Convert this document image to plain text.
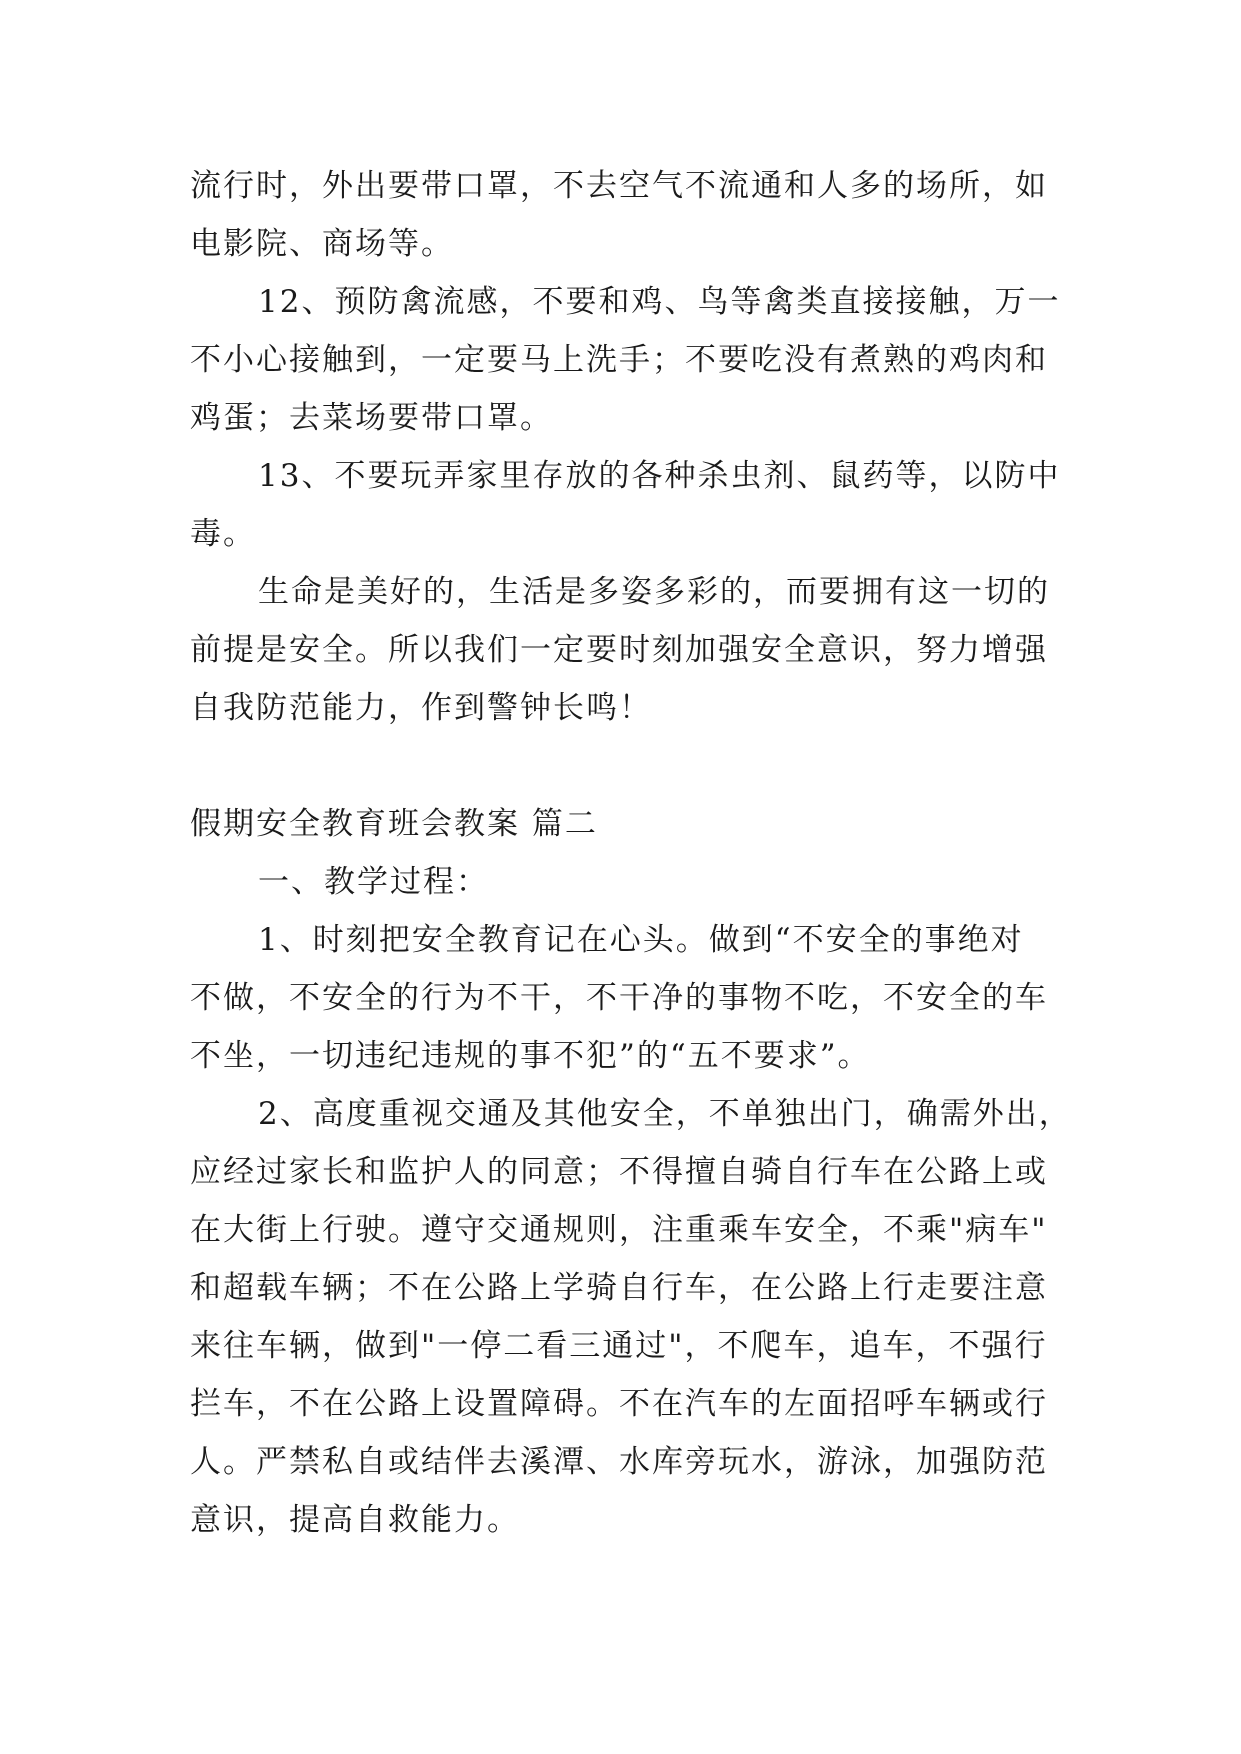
流行时，外出要带口罩，不去空气不流通和人多的场所，如
电影院、商场等。
12、预防禽流感，不要和鸡、鸟等禽类直接接触，万一
不小心接触到，一定要马上洗手；不要吃没有煮熟的鸡肉和
鸡蛋；去菜场要带口罩。
13、不要玩弄家里存放的各种杀虫剂、鼠药等，以防中
毒。
生命是美好的，生活是多姿多彩的，而要拥有这一切的
前提是安全。所以我们一定要时刻加强安全意识，努力增强
自我防范能力，作到警钟长鸣！
假期安全教育班会教案 篇二
一、教学过程：
1、时刻把安全教育记在心头。做到“不安全的事绝对
不做，不安全的行为不干，不干净的事物不吃，不安全的车
不坐，一切违纪违规的事不犯”的“五不要求”。
2、高度重视交通及其他安全，不单独出门，确需外出，
应经过家长和监护人的同意；不得擅自骑自行车在公路上或
在大街上行驶。遵守交通规则，注重乘车安全，不乘"病车"
和超载车辆；不在公路上学骑自行车，在公路上行走要注意
来往车辆，做到"一停二看三通过"，不爬车，追车，不强行
拦车，不在公路上设置障碍。不在汽车的左面招呼车辆或行
人。严禁私自或结伴去溪潭、水库旁玩水，游泳，加强防范
意识，提高自救能力。
